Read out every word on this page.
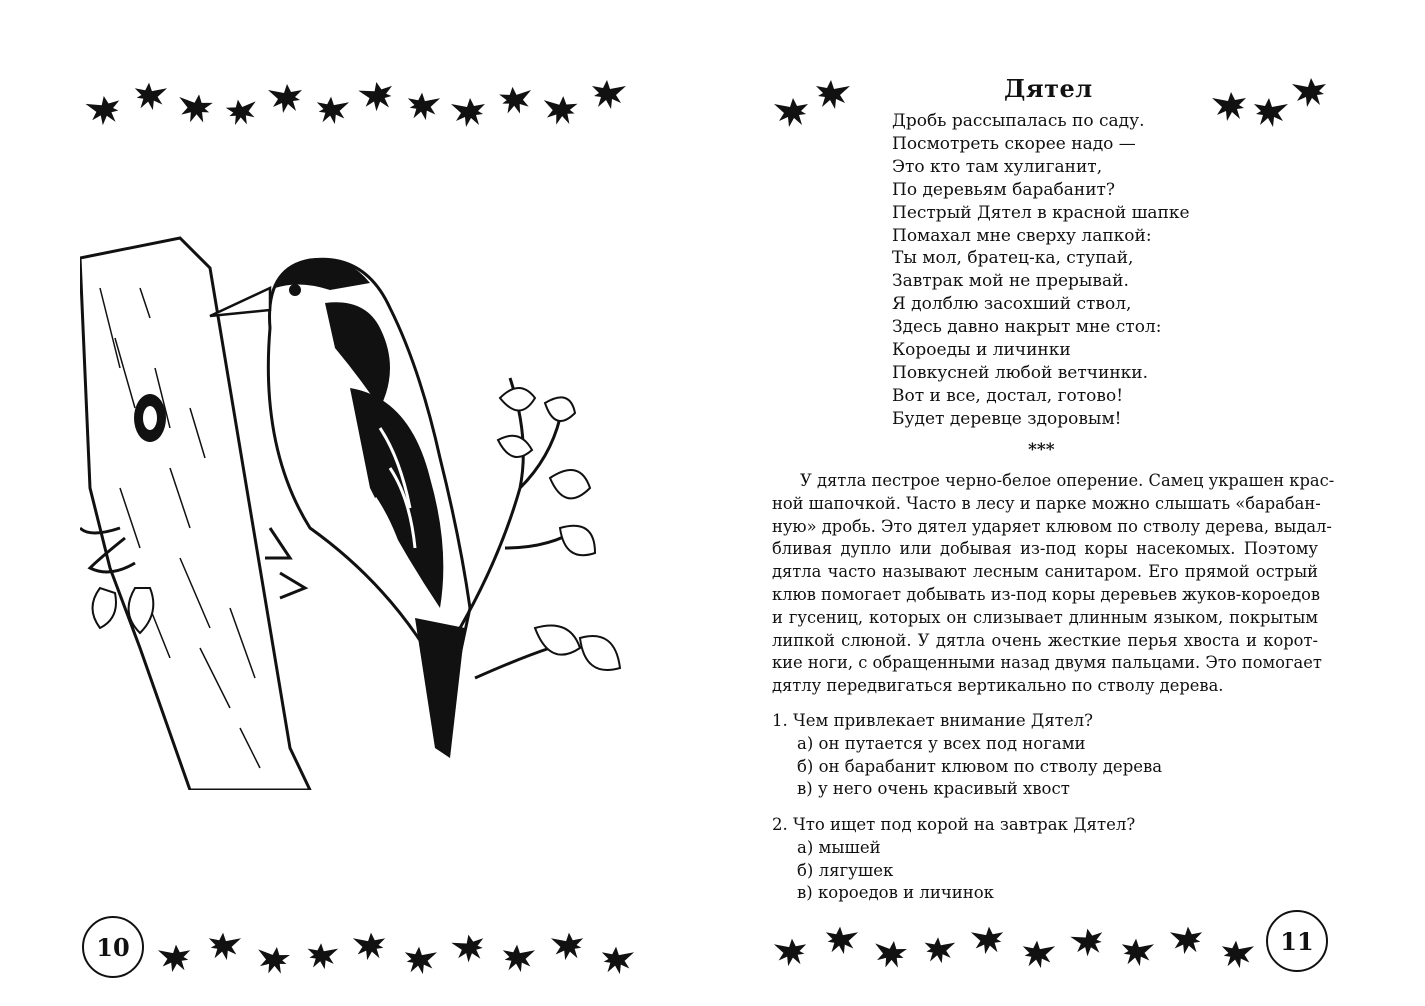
10
Дятел
Дробь рассыпалась по саду.
Посмотреть скорее надо —
Это кто там хулиганит,
По деревьям барабанит?
Пестрый Дятел в красной шапке
Помахал мне сверху лапкой:
Ты мол, братец-ка, ступай,
Завтрак мой не прерывай.
Я долблю засохший ствол,
Здесь давно накрыт мне стол:
Короеды и личинки
Повкусней любой ветчинки.
Вот и все, достал, готово!
Будет деревце здоровым!
***
У дятла пестрое черно-белое оперение. Самец украшен крас-
ной шапочкой. Часто в лесу и парке можно слышать «барабан-
ную» дробь. Это дятел ударяет клювом по стволу дерева, выдал-
бливая дупло или добывая из-под коры насекомых. Поэтому
дятла часто называют лесным санитаром. Его прямой острый
клюв помогает добывать из-под коры деревьев жуков-короедов
и гусениц, которых он слизывает длинным языком, покрытым
липкой слюной. У дятла очень жесткие перья хвоста и корот-
кие ноги, с обращенными назад двумя пальцами. Это помогает
дятлу передвигаться вертикально по стволу дерева.
1. Чем привлекает внимание Дятел?
а) он путается у всех под ногами
б) он барабанит клювом по стволу дерева
в) у него очень красивый хвост
2. Что ищет под корой на завтрак Дятел?
а) мышей
б) лягушек
в) короедов и личинок
11
